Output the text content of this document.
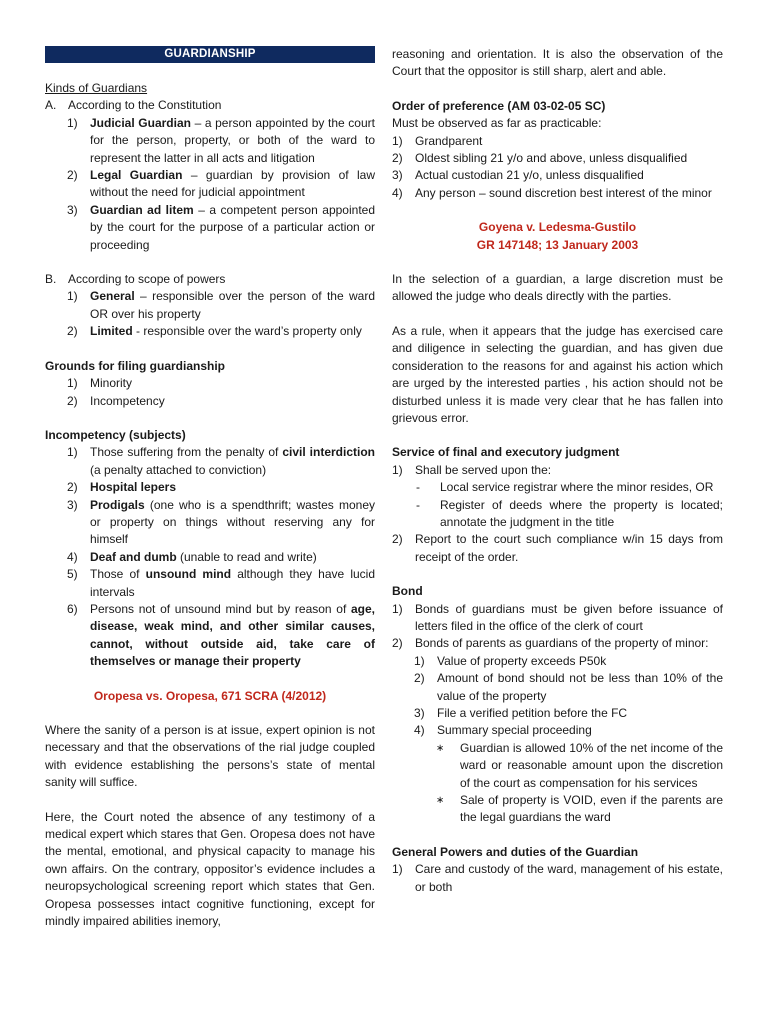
GUARDIANSHIP
Kinds of Guardians
A. According to the Constitution
1)	Judicial Guardian – a person appointed by the court for the person, property, or both of the ward to represent the latter in all acts and litigation
2)	Legal Guardian – guardian by provision of law without the need for judicial appointment
3)	Guardian ad litem – a competent person appointed by the court for the purpose of a particular action or proceeding
B. According to scope of powers
1)	General – responsible over the person of the ward OR over his property
2)	Limited - responsible over the ward’s property only
Grounds for filing guardianship
1)	Minority
2)	Incompetency
Incompetency (subjects)
1)	Those suffering from the penalty of civil interdiction (a penalty attached to conviction)
2)	Hospital lepers
3)	Prodigals (one who is a spendthrift; wastes money or property on things without reserving any for himself
4)	Deaf and dumb (unable to read and write)
5)	Those of unsound mind although they have lucid intervals
6)	Persons not of unsound mind but by reason of age, disease, weak mind, and other similar causes, cannot, without outside aid, take care of themselves or manage their property
Oropesa vs. Oropesa, 671 SCRA (4/2012)
Where the sanity of a person is at issue, expert opinion is not necessary and that the observations of the rial judge coupled with evidence establishing the persons’s state of mental sanity will suffice.
Here, the Court noted the absence of any testimony of a medical expert which stares that Gen. Oropesa does not have the mental, emotional, and physical capacity to manage his own affairs. On the contrary, oppositor’s evidence includes a neuropsychological screening report which states that Gen. Oropesa possesses intact cognitive functioning, except for mindly impaired abilities inemory,
reasoning and orientation. It is also the observation of the Court that the oppositor is still sharp, alert and able.
Order of preference (AM 03-02-05 SC)
Must be observed as far as practicable:
1)	Grandparent
2)	Oldest sibling 21 y/o and above, unless disqualified
3)	Actual custodian 21 y/o, unless disqualified
4)	Any person – sound discretion best interest of the minor
Goyena v. Ledesma-Gustilo
GR 147148; 13 January 2003
In the selection of a guardian, a large discretion must be allowed the judge who deals directly with the parties.
As a rule, when it appears that the judge has exercised care and diligence in selecting the guardian, and has given due consideration to the reasons for and against his action which are urged by the interested parties , his action should not be disturbed unless it is made very clear that he has fallen into grievous error.
Service of final and executory judgment
1)	Shall be served upon the:
-	Local service registrar where the minor resides, OR
-	Register of deeds where the property is located; annotate the judgment in the title
2)	Report to the court such compliance w/in 15 days from receipt of the order.
Bond
1)	Bonds of guardians must be given before issuance of letters filed in the office of the clerk of court
2)	Bonds of parents as guardians of the property of minor:
1)	Value of property exceeds P50k
2)	Amount of bond should not be less than 10% of the value of the property
3)	File a verified petition before the FC
4)	Summary special proceeding
∗	Guardian is allowed 10% of the net income of the ward or reasonable amount upon the discretion of the court as compensation for his services
∗	Sale of property is VOID, even if the parents are the legal guardians the ward
General Powers and duties of the Guardian
1)	Care and custody of the ward, management of his estate, or both
